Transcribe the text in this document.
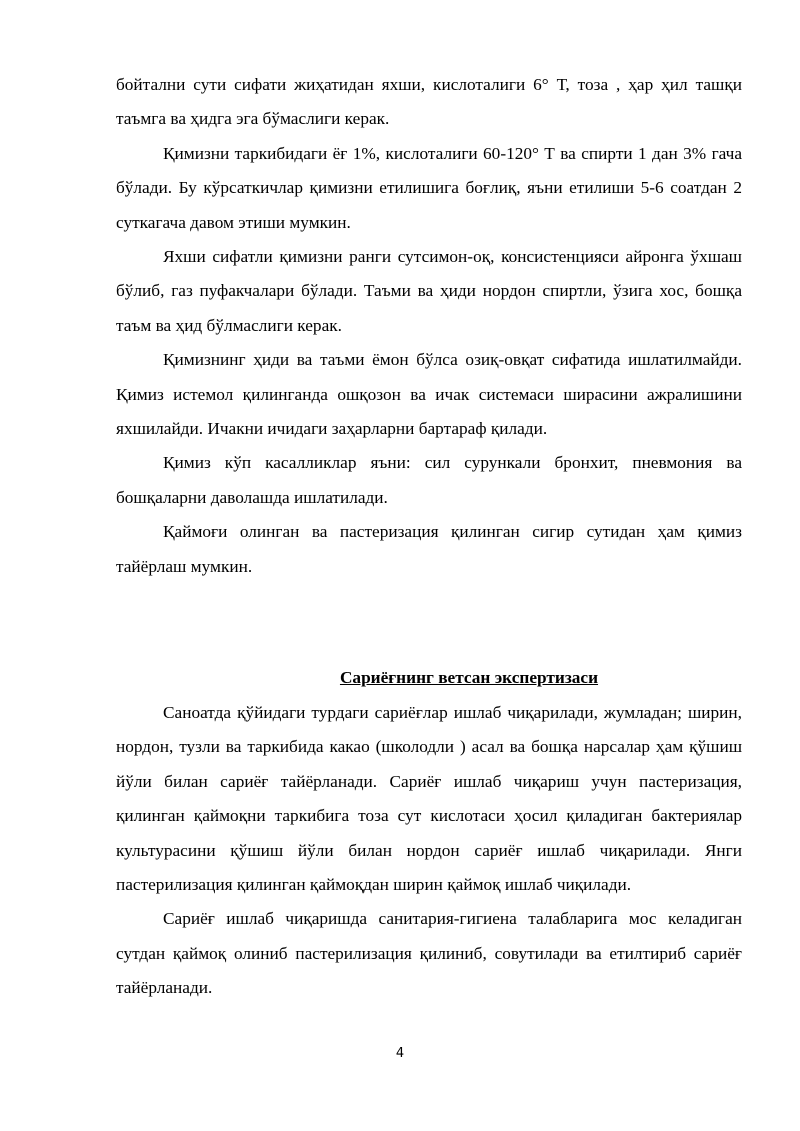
бойтални сути сифати жиҳатидан яхши, кислоталиги 6° Т, тоза , ҳар ҳил ташқи таъмга ва ҳидга эга бўмаслиги керак.

Қимизни таркибидаги ёғ 1%, кислоталиги 60-120° Т ва спирти 1 дан 3% гача бўлади. Бу кўрсаткичлар қимизни етилишига боғлиқ, яъни етилиши 5-6 соатдан 2 суткагача давом этиши мумкин.

Яхши сифатли қимизни ранги сутсимон-оқ, консистенцияси айронга ўхшаш бўлиб, газ пуфакчалари бўлади. Таъми ва ҳиди нордон спиртли, ўзига хос, бошқа таъм ва ҳид бўлмаслиги керак.

Қимизнинг ҳиди ва таъми ёмон бўлса озиқ-овқат сифатида ишлатилмайди. Қимиз истемол қилинганда ошқозон ва ичак системаси ширасини ажралишини яхшилайди. Ичакни ичидаги заҳарларни бартараф қилади.

Қимиз кўп касалликлар яъни: сил сурункали бронхит, пневмония ва бошқаларни даволашда ишлатилади.

Қаймоғи олинган ва пастеризация қилинган сигир сутидан ҳам қимиз тайёрлаш мумкин.

Сариёғнинг ветсан экспертизаси

Саноатда қўйидаги турдаги сариёғлар ишлаб чиқарилади, жумладан; ширин, нордон, тузли ва таркибида какао (школодли ) асал ва бошқа нарсалар ҳам қўшиш йўли билан сариёғ тайёрланади. Сариёғ ишлаб чиқариш учун пастеризация, қилинган қаймоқни таркибига тоза сут кислотаси ҳосил қиладиган бактериялар культурасини қўшиш йўли билан нордон сариёғ ишлаб чиқарилади. Янги пастерилизация қилинган қаймоқдан ширин қаймоқ ишлаб чиқилади.

Сариёғ ишлаб чиқаришда санитария-гигиена талабларига мос келадиган сутдан қаймоқ олиниб пастерилизация қилиниб, совутилади ва етилтириб сариёғ тайёрланади.

4
